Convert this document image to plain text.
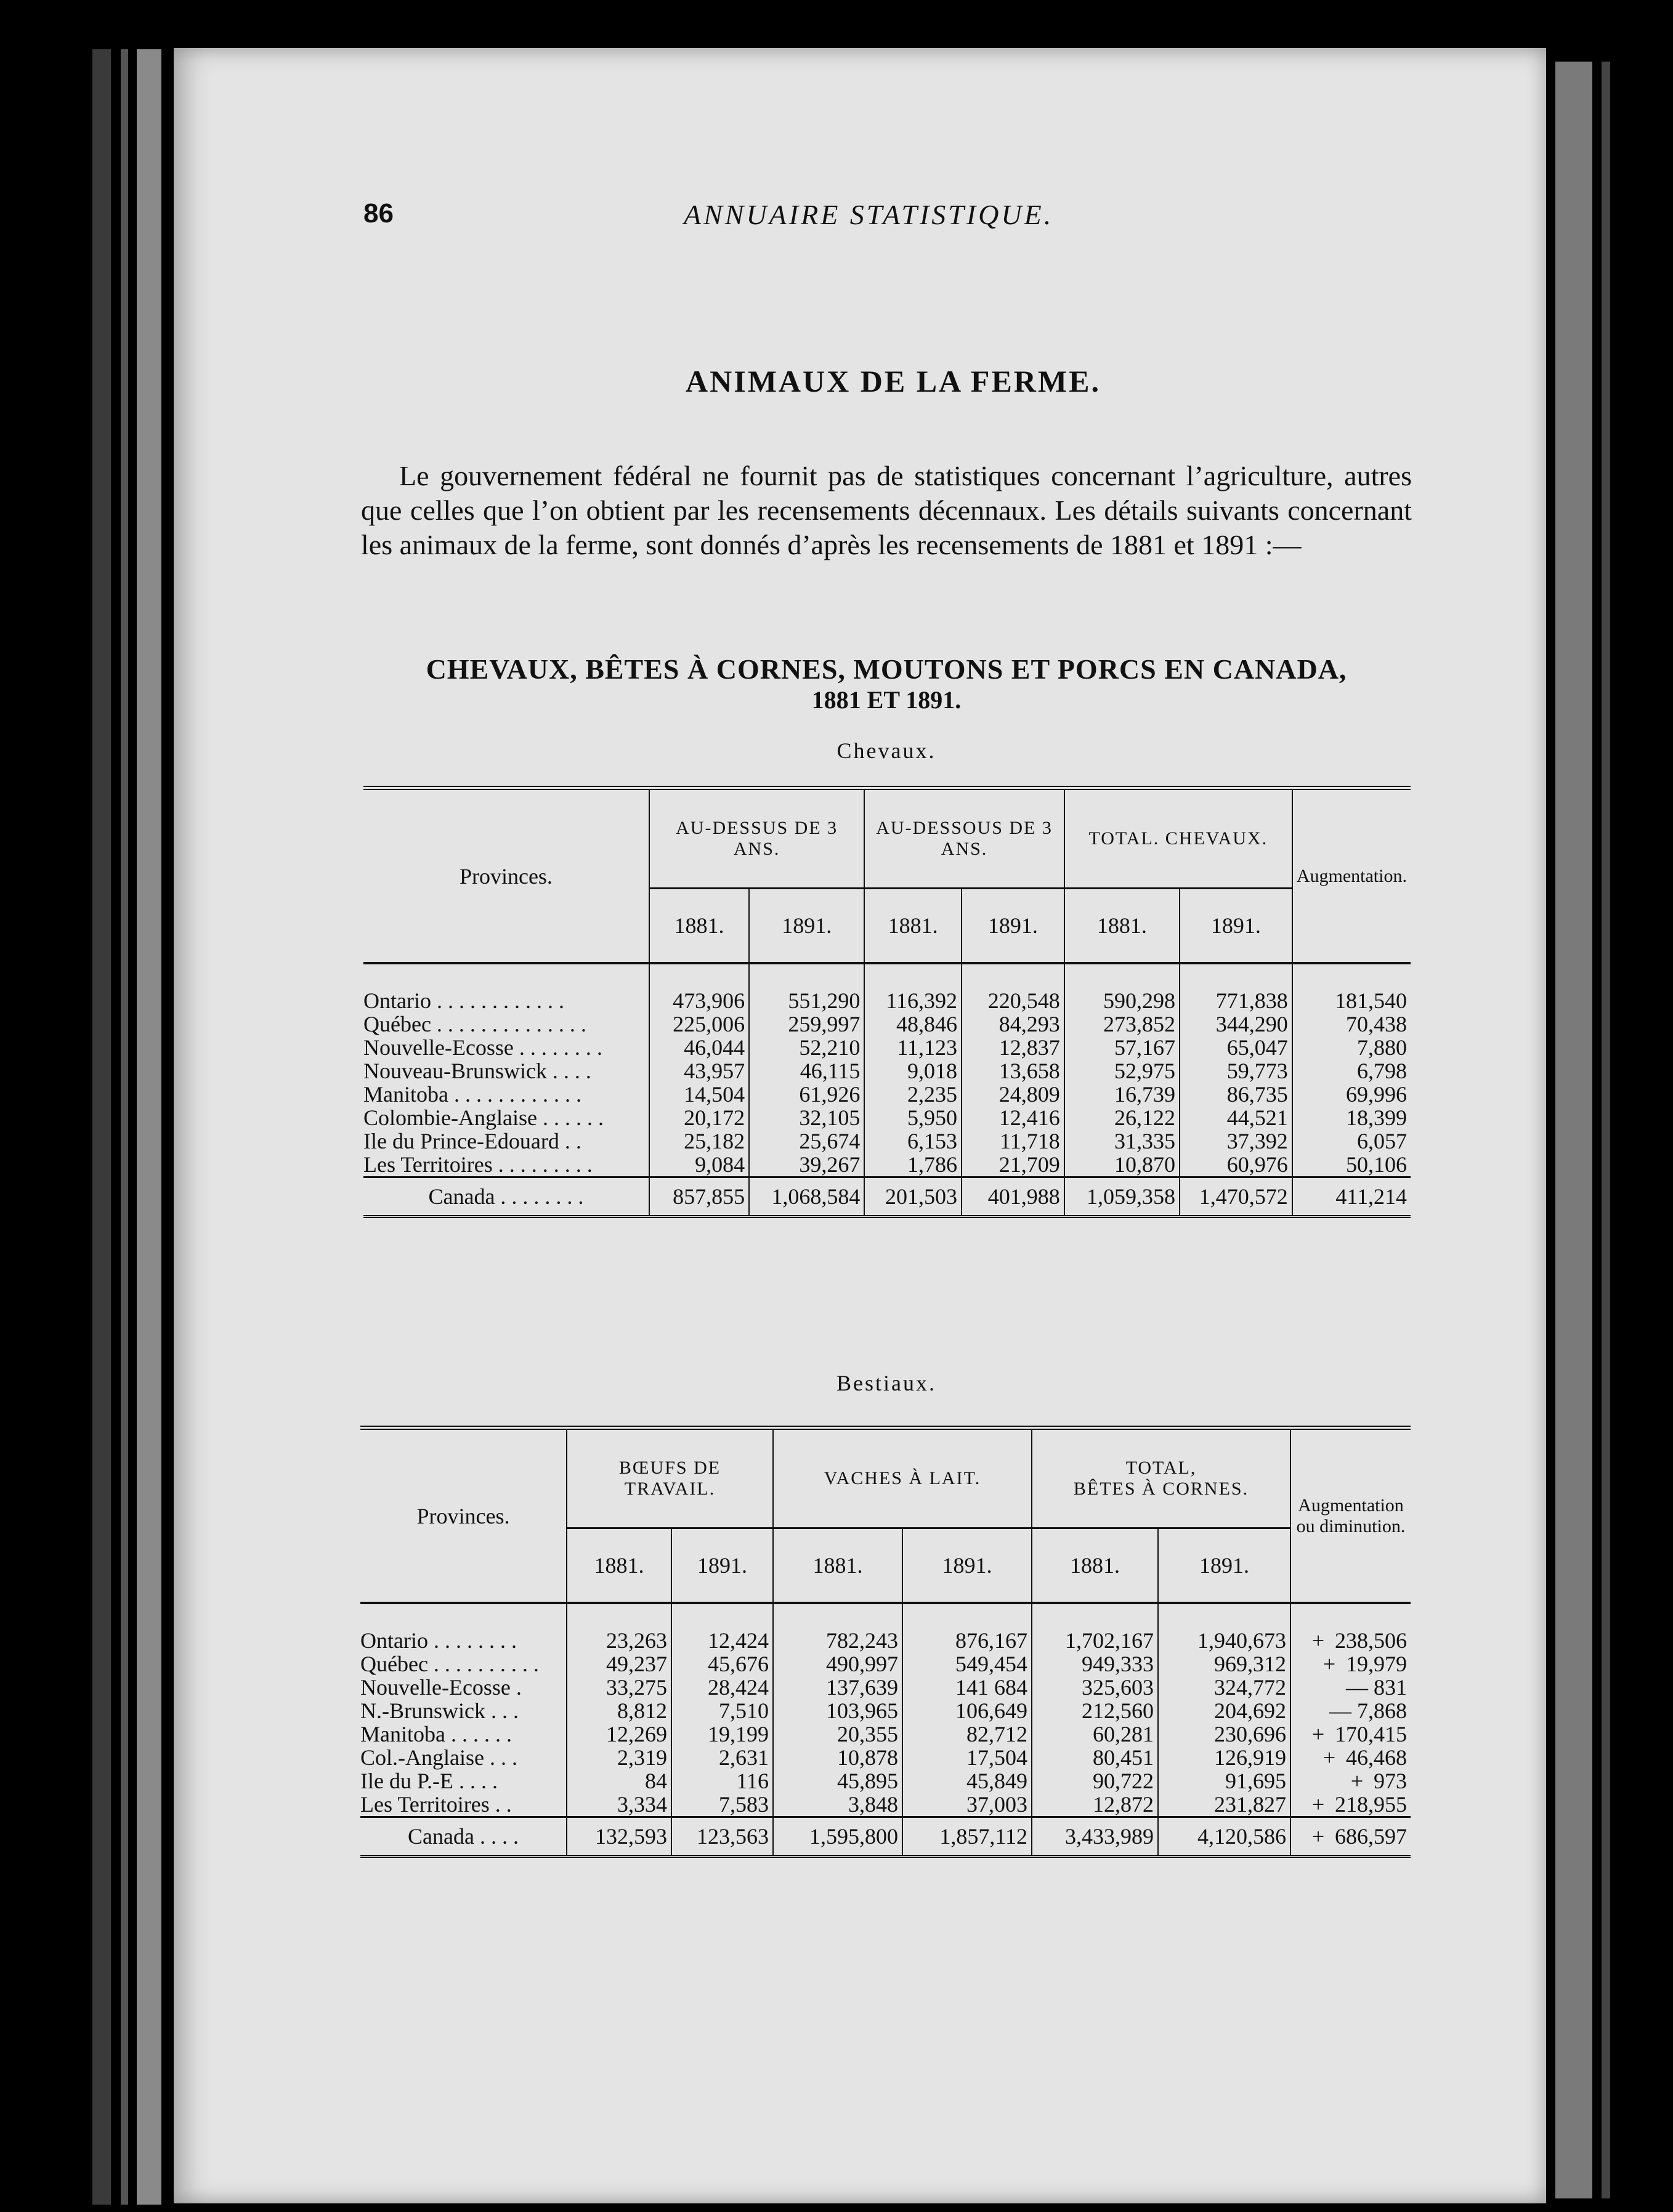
86	ANNUAIRE STATISTIQUE.
ANIMAUX DE LA FERME.
Le gouvernement fédéral ne fournit pas de statistiques concernant l’agriculture, autres que celles que l’on obtient par les recensements décennaux. Les détails suivants concernant les animaux de la ferme, sont donnés d’après les recensements de 1881 et 1891 :—
CHEVAUX, BÊTES À CORNES, MOUTONS ET PORCS EN CANADA,
1881 ET 1891.
Chevaux.
Provinces.	AU-DESSUS DE 3 ANS.		AU-DESSOUS DE 3 ANS.		TOTAL. CHEVAUX.		Augmentation.
	1881.	1891.	1881.	1891.	1881.	1891.	

Ontario . . . . . . . . . . . .	473,906	551,290	116,392	220,548	590,298	771,838	181,540
Québec . . . . . . . . . . . . . .	225,006	259,997	48,846	84,293	273,852	344,290	70,438
Nouvelle-Ecosse . . . . . . . .	46,044	52,210	11,123	12,837	57,167	65,047	7,880
Nouveau-Brunswick . . . .	43,957	46,115	9,018	13,658	52,975	59,773	6,798
Manitoba . . . . . . . . . . . .	14,504	61,926	2,235	24,809	16,739	86,735	69,996
Colombie-Anglaise . . . . . .	20,172	32,105	5,950	12,416	26,122	44,521	18,399
Ile du Prince-Edouard . .	25,182	25,674	6,153	11,718	31,335	37,392	6,057
Les Territoires . . . . . . . . .	9,084	39,267	1,786	21,709	10,870	60,976	50,106
Canada . . . . . . . .	857,855	1,068,584	201,503	401,988	1,059,358	1,470,572	411,214
Bestiaux.
Provinces.	BŒUFS DE TRAVAIL.		VACHES À LAIT.		TOTAL,
BÊTES À CORNES.		Augmentation ou diminution.
	1881.	1891.	1881.	1891.	1881.	1891.	

Ontario . . . . . . . .	23,263	12,424	782,243	876,167	1,702,167	1,940,673	+ 238,506
Québec . . . . . . . . . .	49,237	45,676	490,997	549,454	949,333	969,312	+ 19,979
Nouvelle-Ecosse .	33,275	28,424	137,639	141 684	325,603	324,772	— 831
N.-Brunswick . . .	8,812	7,510	103,965	106,649	212,560	204,692	— 7,868
Manitoba . . . . . .	12,269	19,199	20,355	82,712	60,281	230,696	+ 170,415
Col.-Anglaise . . .	2,319	2,631	10,878	17,504	80,451	126,919	+ 46,468
Ile du P.-E . . . .	84	116	45,895	45,849	90,722	91,695	+ 973
Les Territoires . .	3,334	7,583	3,848	37,003	12,872	231,827	+ 218,955
Canada . . . .	132,593	123,563	1,595,800	1,857,112	3,433,989	4,120,586	+ 686,597
